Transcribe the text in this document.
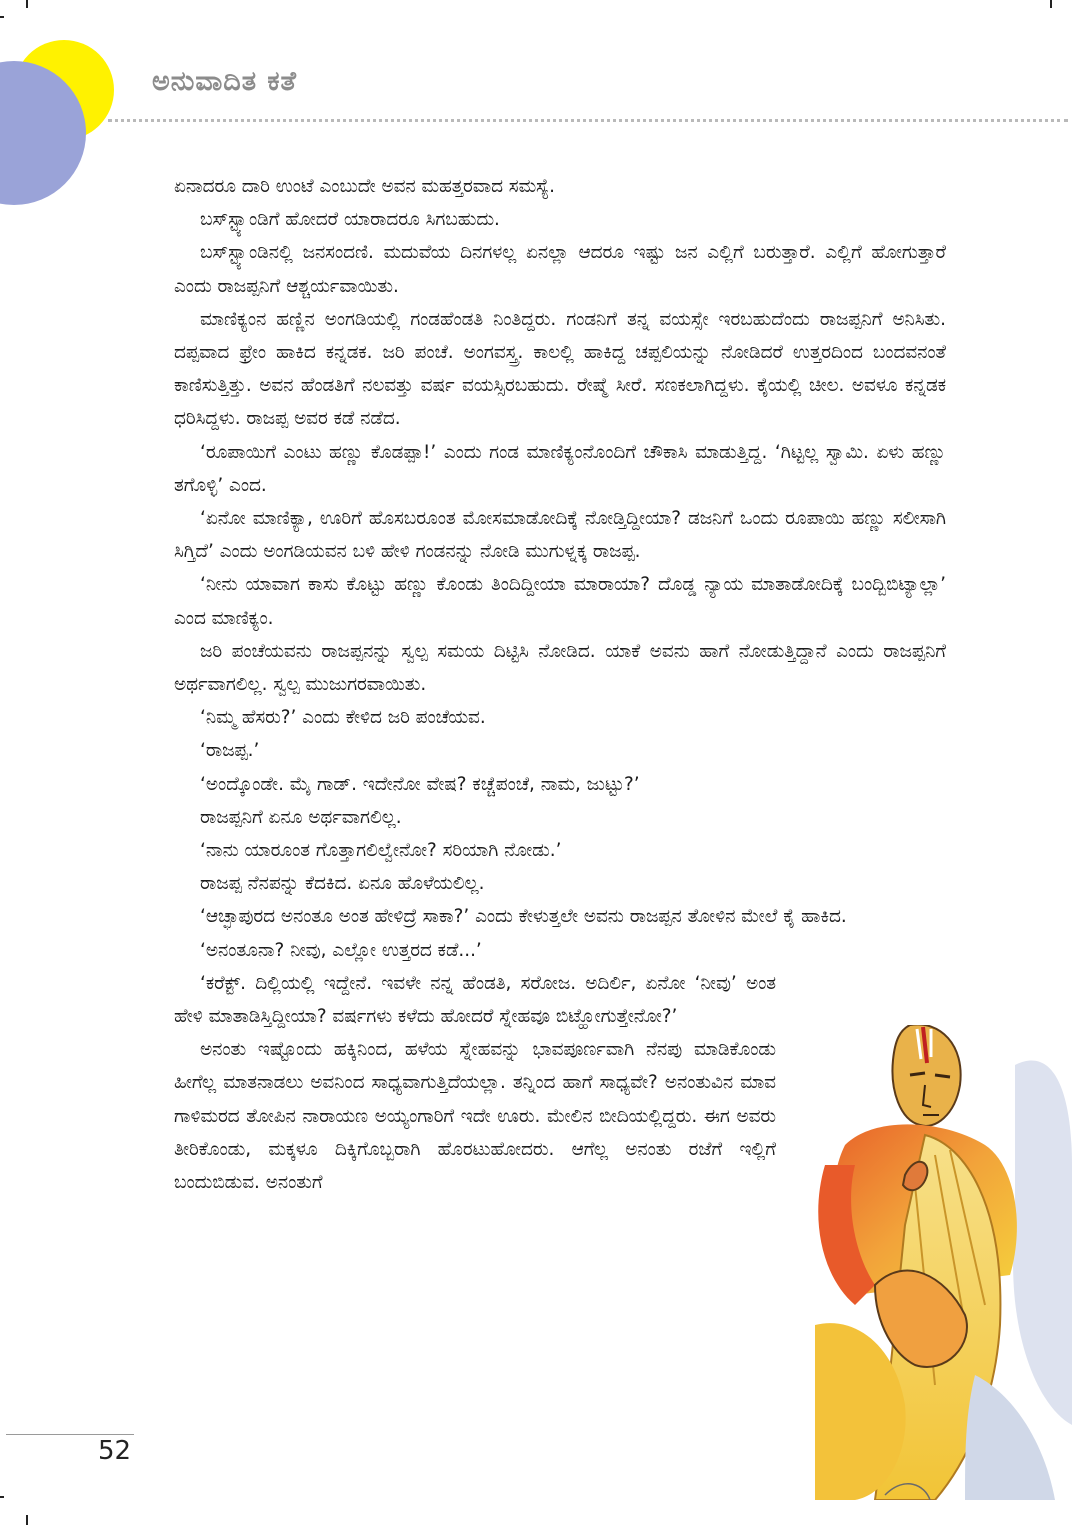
ಅನುವಾದಿತ ಕತೆ

ಏನಾದರೂ ದಾರಿ ಉಂಟೆ ಎಂಬುದೇ ಅವನ ಮಹತ್ತರವಾದ ಸಮಸ್ಯೆ.

ಬಸ್‌ಸ್ಟ್ಯಾಂಡಿಗೆ ಹೋದರೆ ಯಾರಾದರೂ ಸಿಗಬಹುದು.

ಬಸ್‌ಸ್ಟ್ಯಾಂಡಿನಲ್ಲಿ ಜನಸಂದಣಿ. ಮದುವೆಯ ದಿನಗಳಲ್ಲ ಏನಲ್ಲಾ ಆದರೂ ಇಷ್ಟು ಜನ ಎಲ್ಲಿಗೆ ಬರುತ್ತಾರೆ. ಎಲ್ಲಿಗೆ ಹೋಗುತ್ತಾರೆ ಎಂದು ರಾಜಪ್ಪನಿಗೆ ಆಶ್ಚರ್ಯವಾಯಿತು.

ಮಾಣಿಕ್ಯಂನ ಹಣ್ಣಿನ ಅಂಗಡಿಯಲ್ಲಿ ಗಂಡಹೆಂಡತಿ ನಿಂತಿದ್ದರು. ಗಂಡನಿಗೆ ತನ್ನ ವಯಸ್ಸೇ ಇರಬಹುದೆಂದು ರಾಜಪ್ಪನಿಗೆ ಅನಿಸಿತು. ದಪ್ಪವಾದ ಫ್ರೇಂ ಹಾಕಿದ ಕನ್ನಡಕ. ಜರಿ ಪಂಚೆ. ಅಂಗವಸ್ತ್ರ. ಕಾಲಲ್ಲಿ ಹಾಕಿದ್ದ ಚಪ್ಪಲಿಯನ್ನು ನೋಡಿದರೆ ಉತ್ತರದಿಂದ ಬಂದವನಂತೆ ಕಾಣಿಸುತ್ತಿತ್ತು. ಅವನ ಹೆಂಡತಿಗೆ ನಲವತ್ತು ವರ್ಷ ವಯಸ್ಸಿರಬಹುದು. ರೇಷ್ಮೆ ಸೀರೆ. ಸಣಕಲಾಗಿದ್ದಳು. ಕೈಯಲ್ಲಿ ಚೀಲ. ಅವಳೂ ಕನ್ನಡಕ ಧರಿಸಿದ್ದಳು. ರಾಜಪ್ಪ ಅವರ ಕಡೆ ನಡೆದ.

‘ರೂಪಾಯಿಗೆ ಎಂಟು ಹಣ್ಣು ಕೊಡಪ್ಪಾ!’ ಎಂದು ಗಂಡ ಮಾಣಿಕ್ಯಂನೊಂದಿಗೆ ಚೌಕಾಸಿ ಮಾಡುತ್ತಿದ್ದ. ‘ಗಿಟ್ಟಲ್ಲ ಸ್ವಾಮಿ. ಏಳು ಹಣ್ಣು ತಗೊಳ್ಳಿ’ ಎಂದ.

‘ಏನೋ ಮಾಣಿಕ್ಯಾ, ಊರಿಗೆ ಹೊಸಬರೂಂತ ಮೋಸಮಾಡೋದಿಕ್ಕೆ ನೋಡ್ತಿದ್ದೀಯಾ? ಡಜನಿಗೆ ಒಂದು ರೂಪಾಯಿ ಹಣ್ಣು ಸಲೀಸಾಗಿ ಸಿಗ್ತಿದೆ’ ಎಂದು ಅಂಗಡಿಯವನ ಬಳಿ ಹೇಳಿ ಗಂಡನನ್ನು ನೋಡಿ ಮುಗುಳ್ನಕ್ಕ ರಾಜಪ್ಪ.

‘ನೀನು ಯಾವಾಗ ಕಾಸು ಕೊಟ್ಟು ಹಣ್ಣು ಕೊಂಡು ತಿಂದಿದ್ದೀಯಾ ಮಾರಾಯಾ? ದೊಡ್ಡ ನ್ಯಾಯ ಮಾತಾಡೋದಿಕ್ಕೆ ಬಂದ್ಬಿಬಿಟ್ಯಾಲ್ಲಾ’ ಎಂದ ಮಾಣಿಕ್ಯಂ.

ಜರಿ ಪಂಚೆಯವನು ರಾಜಪ್ಪನನ್ನು ಸ್ವಲ್ಪ ಸಮಯ ದಿಟ್ಟಿಸಿ ನೋಡಿದ. ಯಾಕೆ ಅವನು ಹಾಗೆ ನೋಡುತ್ತಿದ್ದಾನೆ ಎಂದು ರಾಜಪ್ಪನಿಗೆ ಅರ್ಥವಾಗಲಿಲ್ಲ. ಸ್ವಲ್ಪ ಮುಜುಗರವಾಯಿತು.

‘ನಿಮ್ಮ ಹೆಸರು?’ ಎಂದು ಕೇಳಿದ ಜರಿ ಪಂಚೆಯವ.

‘ರಾಜಪ್ಪ.’

‘ಅಂದ್ಕೊಂಡೇ. ಮೈ ಗಾಡ್. ಇದೇನೋ ವೇಷ? ಕಚ್ಚೆಪಂಚೆ, ನಾಮ, ಜುಟ್ಟು?’

ರಾಜಪ್ಪನಿಗೆ ಏನೂ ಅರ್ಥವಾಗಲಿಲ್ಲ.

‘ನಾನು ಯಾರೂಂತ ಗೊತ್ತಾಗಲಿಲ್ವೇನೋ? ಸರಿಯಾಗಿ ನೋಡು.’

ರಾಜಪ್ಪ ನೆನಪನ್ನು ಕೆದಕಿದ. ಏನೂ ಹೊಳೆಯಲಿಲ್ಲ.

‘ಆಚ್ಛಾಪುರದ ಅನಂತೂ ಅಂತ ಹೇಳಿದ್ರೆ ಸಾಕಾ?’ ಎಂದು ಕೇಳುತ್ತಲೇ ಅವನು ರಾಜಪ್ಪನ ತೋಳಿನ ಮೇಲೆ ಕೈ ಹಾಕಿದ.

‘ಅನಂತೂನಾ? ನೀವು, ಎಲ್ಲೋ ಉತ್ತರದ ಕಡೆ...’

‘ಕರೆಕ್ಟ್. ದಿಲ್ಲಿಯಲ್ಲಿ ಇದ್ದೇನೆ. ಇವಳೇ ನನ್ನ ಹೆಂಡತಿ, ಸರೋಜ. ಅದಿರ್ಲಿ, ಏನೋ ‘ನೀವು’ ಅಂತ ಹೇಳಿ ಮಾತಾಡಿಸ್ತಿದ್ದೀಯಾ? ವರ್ಷಗಳು ಕಳೆದು ಹೋದರೆ ಸ್ನೇಹವೂ ಬಿಟ್ಹೋಗುತ್ತೇನೋ?’

ಅನಂತು ಇಷ್ಟೊಂದು ಹಕ್ಕಿನಿಂದ, ಹಳೆಯ ಸ್ನೇಹವನ್ನು ಭಾವಪೂರ್ಣವಾಗಿ ನೆನಪು ಮಾಡಿಕೊಂಡು ಹೀಗೆಲ್ಲ ಮಾತನಾಡಲು ಅವನಿಂದ ಸಾಧ್ಯವಾಗುತ್ತಿದೆಯಲ್ಲಾ. ತನ್ನಿಂದ ಹಾಗೆ ಸಾಧ್ಯವೇ? ಅನಂತುವಿನ ಮಾವ ಗಾಳಿಮರದ ತೋಪಿನ ನಾರಾಯಣ ಅಯ್ಯಂಗಾರಿಗೆ ಇದೇ ಊರು. ಮೇಲಿನ ಬೀದಿಯಲ್ಲಿದ್ದರು. ಈಗ ಅವರು ತೀರಿಕೊಂಡು, ಮಕ್ಕಳೂ ದಿಕ್ಕಿಗೊಬ್ಬರಾಗಿ ಹೊರಟುಹೋದರು. ಆಗೆಲ್ಲ ಅನಂತು ರಜೆಗೆ ಇಲ್ಲಿಗೆ ಬಂದುಬಿಡುವ. ಅನಂತುಗೆ

52
